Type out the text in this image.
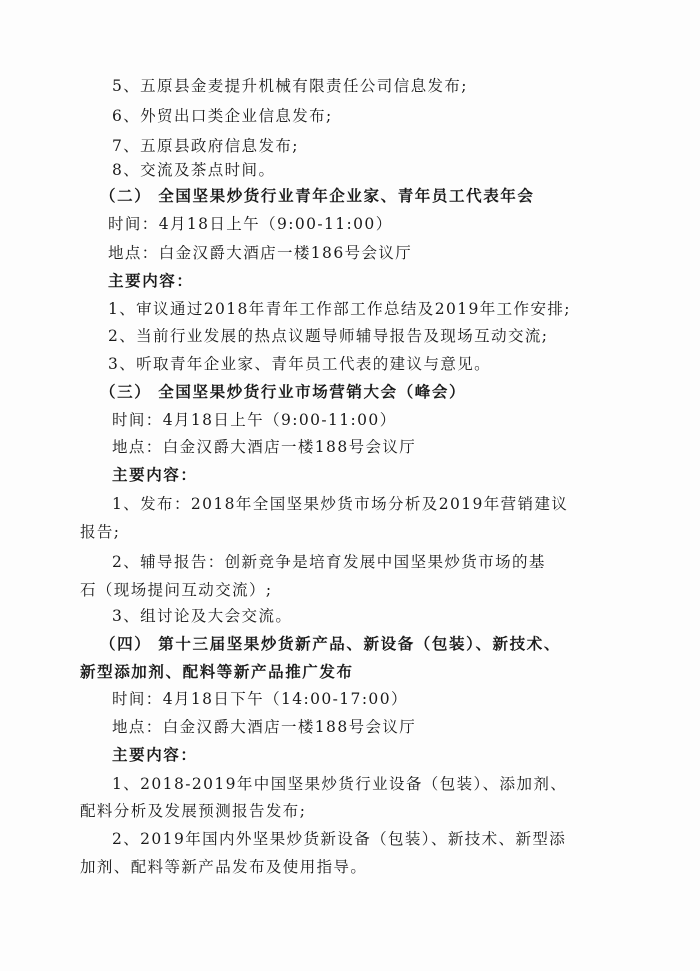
5、五原县金麦提升机械有限责任公司信息发布;
6、外贸出口类企业信息发布;
7、五原县政府信息发布;
8、交流及茶点时间。
（二） 全国坚果炒货行业青年企业家、青年员工代表年会
时间：4月18日上午（9:00-11:00）
地点：白金汉爵大酒店一楼186号会议厅
主要内容：
1、审议通过2018年青年工作部工作总结及2019年工作安排;
2、当前行业发展的热点议题导师辅导报告及现场互动交流;
3、听取青年企业家、青年员工代表的建议与意见。
（三） 全国坚果炒货行业市场营销大会（峰会）
时间：4月18日上午（9:00-11:00）
地点：白金汉爵大酒店一楼188号会议厅
主要内容：
1、发布：2018年全国坚果炒货市场分析及2019年营销建议
报告;
2、辅导报告：创新竞争是培育发展中国坚果炒货市场的基
石（现场提问互动交流）;
3、组讨论及大会交流。
（四） 第十三届坚果炒货新产品、新设备（包装）、新技术、
新型添加剂、配料等新产品推广发布
时间：4月18日下午（14:00-17:00）
地点：白金汉爵大酒店一楼188号会议厅
主要内容：
1、2018-2019年中国坚果炒货行业设备（包装）、添加剂、
配料分析及发展预测报告发布;
2、2019年国内外坚果炒货新设备（包装）、新技术、新型添
加剂、配料等新产品发布及使用指导。
